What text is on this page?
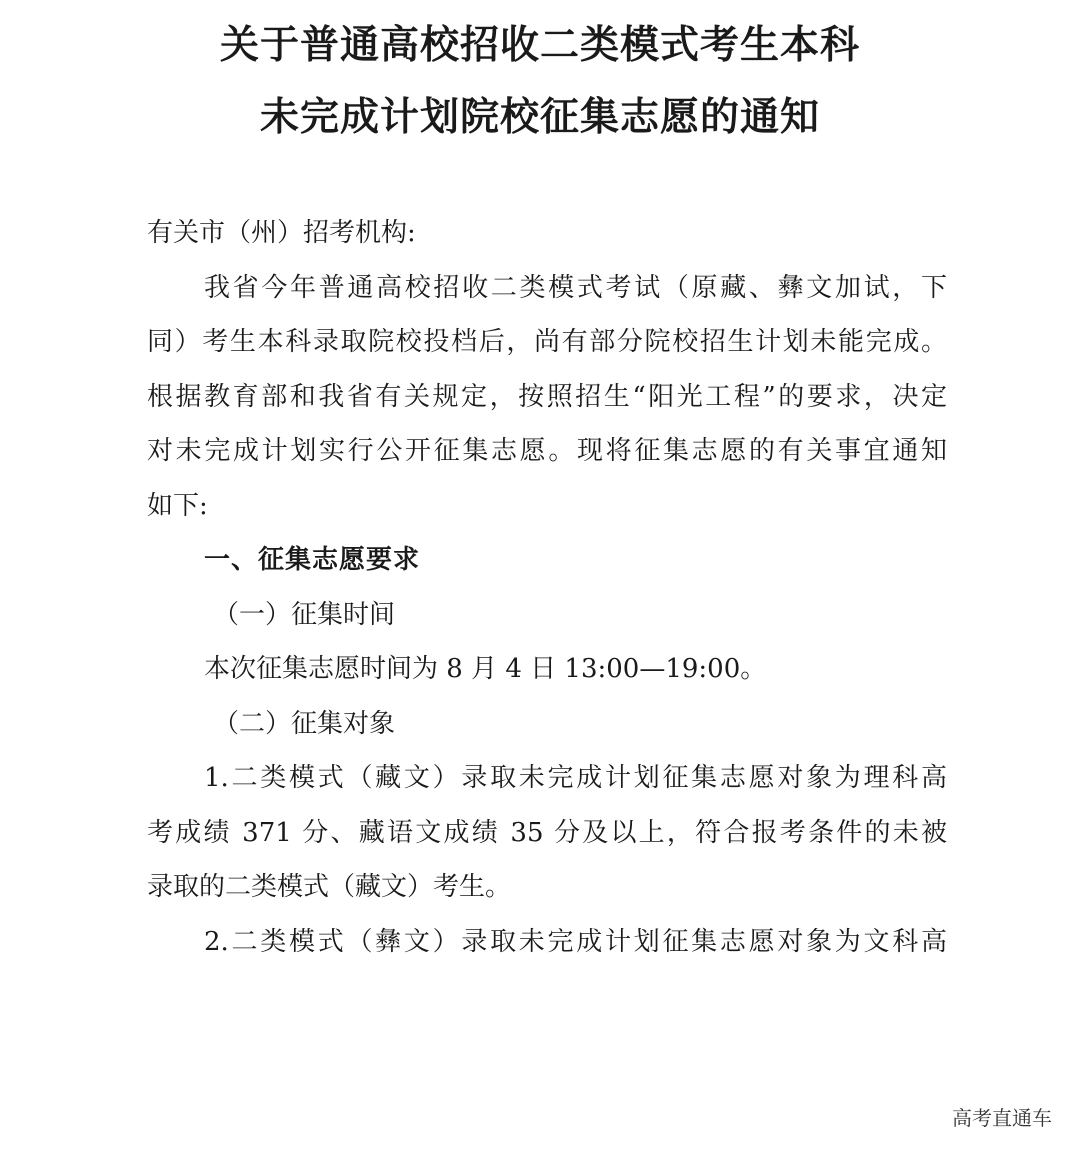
关于普通高校招收二类模式考生本科
未完成计划院校征集志愿的通知
有关市（州）招考机构:
我省今年普通高校招收二类模式考试（原藏、彝文加试，下
同）考生本科录取院校投档后，尚有部分院校招生计划未能完成。
根据教育部和我省有关规定，按照招生“阳光工程”的要求，决定
对未完成计划实行公开征集志愿。现将征集志愿的有关事宜通知
如下:
一、征集志愿要求
（一）征集时间
本次征集志愿时间为 8 月 4 日 13:00—19:00。
（二）征集对象
1.二类模式（藏文）录取未完成计划征集志愿对象为理科高
考成绩 371 分、藏语文成绩 35 分及以上，符合报考条件的未被
录取的二类模式（藏文）考生。
2.二类模式（彝文）录取未完成计划征集志愿对象为文科高
高考直通车
